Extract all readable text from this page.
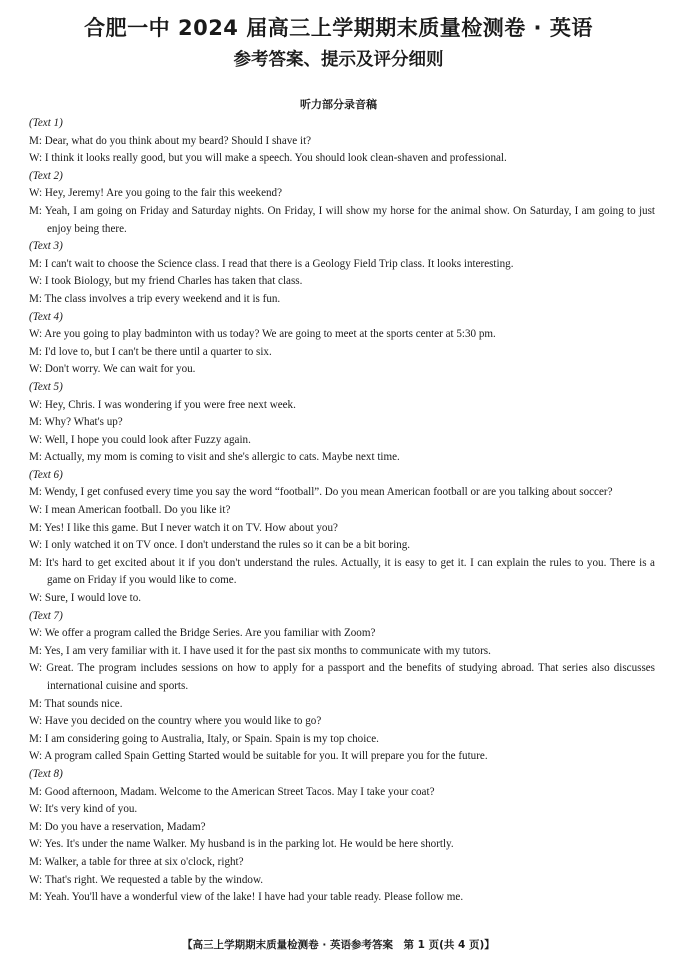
合肥一中 2024 届高三上学期期末质量检测卷 · 英语
参考答案、提示及评分细则
听力部分录音稿

(Text 1)

M: Dear, what do you think about my beard? Should I shave it?

W: I think it looks really good, but you will make a speech. You should look clean-shaven and professional.

(Text 2)

W: Hey, Jeremy! Are you going to the fair this weekend?

M: Yeah, I am going on Friday and Saturday nights. On Friday, I will show my horse for the animal show. On Saturday, I am going to just enjoy being there.

(Text 3)

M: I can't wait to choose the Science class. I read that there is a Geology Field Trip class. It looks interesting.

W: I took Biology, but my friend Charles has taken that class.

M: The class involves a trip every weekend and it is fun.

(Text 4)

W: Are you going to play badminton with us today? We are going to meet at the sports center at 5:30 pm.

M: I'd love to, but I can't be there until a quarter to six.

W: Don't worry. We can wait for you.

(Text 5)

W: Hey, Chris. I was wondering if you were free next week.

M: Why? What's up?

W: Well, I hope you could look after Fuzzy again.

M: Actually, my mom is coming to visit and she's allergic to cats. Maybe next time.

(Text 6)

M: Wendy, I get confused every time you say the word “football”. Do you mean American football or are you talking about soccer?

W: I mean American football. Do you like it?

M: Yes! I like this game. But I never watch it on TV. How about you?

W: I only watched it on TV once. I don't understand the rules so it can be a bit boring.

M: It's hard to get excited about it if you don't understand the rules. Actually, it is easy to get it. I can explain the rules to you. There is a game on Friday if you would like to come.

W: Sure, I would love to.

(Text 7)

W: We offer a program called the Bridge Series. Are you familiar with Zoom?

M: Yes, I am very familiar with it. I have used it for the past six months to communicate with my tutors.

W: Great. The program includes sessions on how to apply for a passport and the benefits of studying abroad. That series also discusses international cuisine and sports.

M: That sounds nice.

W: Have you decided on the country where you would like to go?

M: I am considering going to Australia, Italy, or Spain. Spain is my top choice.

W: A program called Spain Getting Started would be suitable for you. It will prepare you for the future.

(Text 8)

M: Good afternoon, Madam. Welcome to the American Street Tacos. May I take your coat?

W: It's very kind of you.

M: Do you have a reservation, Madam?

W: Yes. It's under the name Walker. My husband is in the parking lot. He would be here shortly.

M: Walker, a table for three at six o'clock, right?

W: That's right. We requested a table by the window.

M: Yeah. You'll have a wonderful view of the lake! I have had your table ready. Please follow me.

【高三上学期期末质量检测卷 · 英语参考答案　第 1 页(共 4 页)】
